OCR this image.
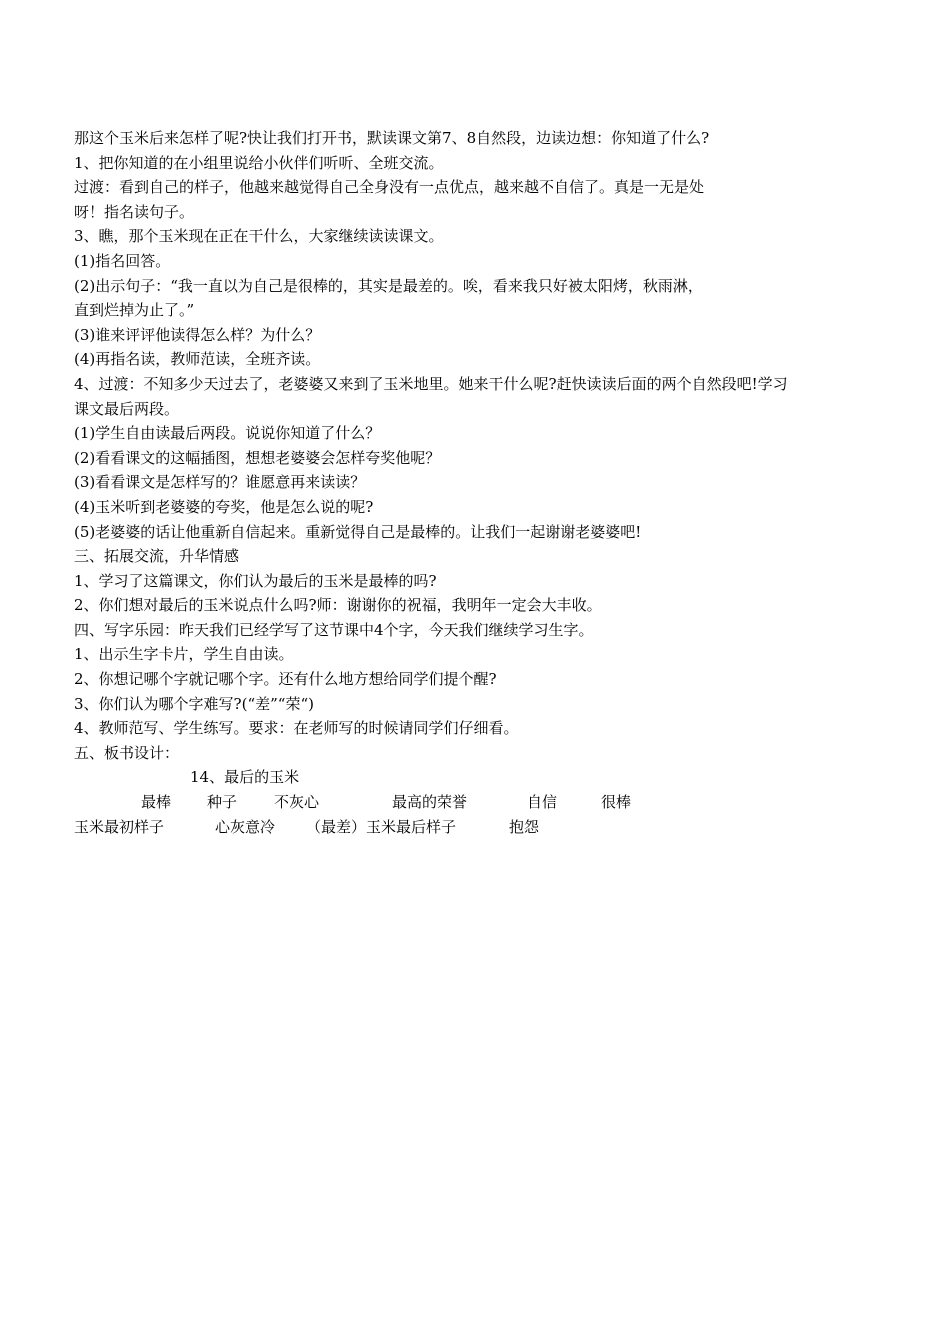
那这个玉米后来怎样了呢?快让我们打开书，默读课文第7、8自然段，边读边想：你知道了什么?
1、把你知道的在小组里说给小伙伴们听听、全班交流。
过渡：看到自己的样子，他越来越觉得自己全身没有一点优点，越来越不自信了。真是一无是处
呀！指名读句子。
3、瞧，那个玉米现在正在干什么，大家继续读读课文。
(1)指名回答。
(2)出示句子：“我一直以为自己是很棒的，其实是最差的。唉，看来我只好被太阳烤，秋雨淋，
直到烂掉为止了。”
(3)谁来评评他读得怎么样？为什么？
(4)再指名读，教师范读，全班齐读。
4、过渡：不知多少天过去了，老婆婆又来到了玉米地里。她来干什么呢?赶快读读后面的两个自然段吧!学习
课文最后两段。
(1)学生自由读最后两段。说说你知道了什么？
(2)看看课文的这幅插图，想想老婆婆会怎样夸奖他呢？
(3)看看课文是怎样写的？谁愿意再来读读？
(4)玉米听到老婆婆的夸奖，他是怎么说的呢?
(5)老婆婆的话让他重新自信起来。重新觉得自己是最棒的。让我们一起谢谢老婆婆吧!
三、拓展交流，升华情感
1、学习了这篇课文，你们认为最后的玉米是最棒的吗?
2、你们想对最后的玉米说点什么吗?师：谢谢你的祝福，我明年一定会大丰收。
四、写字乐园：昨天我们已经学写了这节课中4个字，今天我们继续学习生字。
1、出示生字卡片，学生自由读。
2、你想记哪个字就记哪个字。还有什么地方想给同学们提个醒?
3、你们认为哪个字难写?(“差”“荣“)
4、教师范写、学生练写。要求：在老师写的时候请同学们仔细看。
五、板书设计：
14、最后的玉米
最棒 种子 不灰心	最高的荣誉	自信	很棒
玉米最初样子	心灰意冷 （最差）玉米最后样子	抱怨
